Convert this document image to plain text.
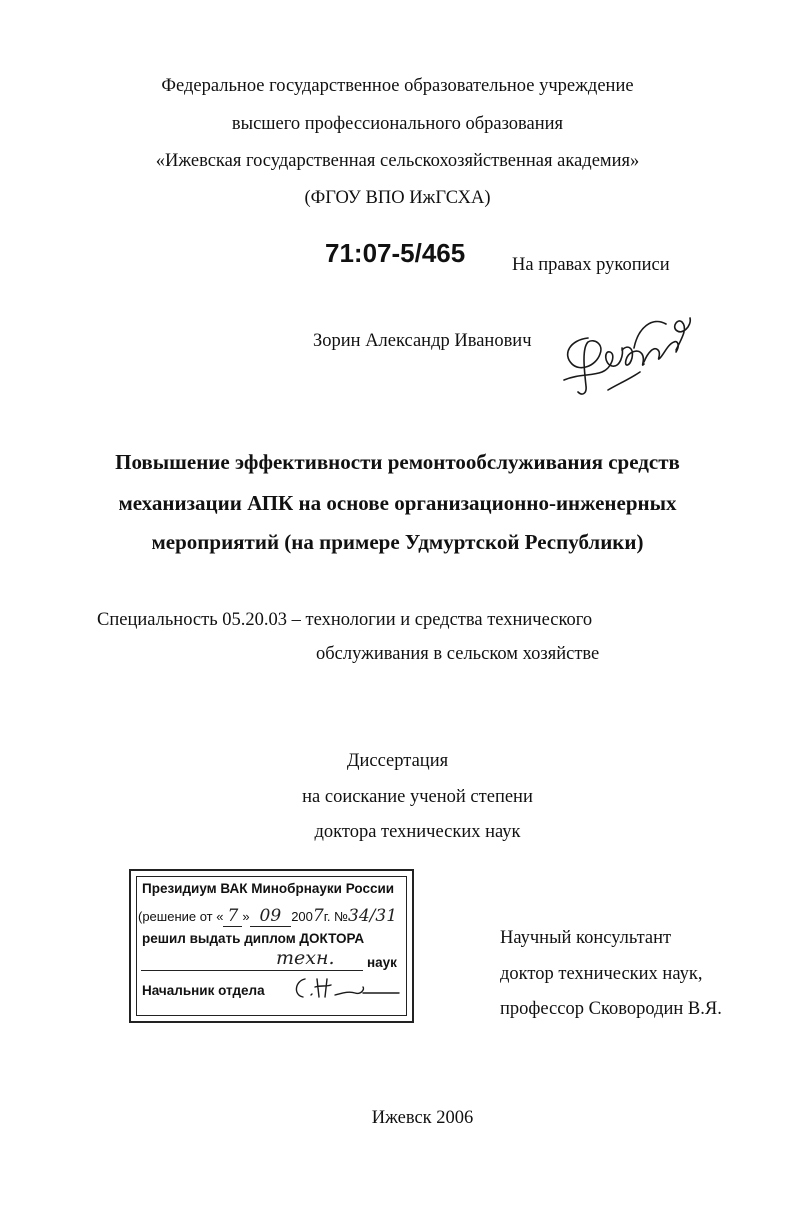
Федеральное государственное образовательное учреждение
высшего профессионального образования
«Ижевская государственная сельскохозяйственная академия»
(ФГОУ ВПО ИжГСХА)
71:07-5/465	На правах рукописи
Зорин Александр Иванович
Повышение эффективности ремонтообслуживания средств
механизации АПК на основе организационно-инженерных
мероприятий (на примере Удмуртской Республики)
Специальность 05.20.03 – технологии и средства технического
обслуживания в сельском хозяйстве
Диссертация
на соискание ученой степени
доктора технических наук
Президиум ВАК Минобрнауки России
(решение от « 7 » 09 2007г. №34/31
решил выдать диплом ДОКТОРА
техн. наук
Начальник отдела
Научный консультант
доктор технических наук,
профессор Сковородин В.Я.
Ижевск 2006
